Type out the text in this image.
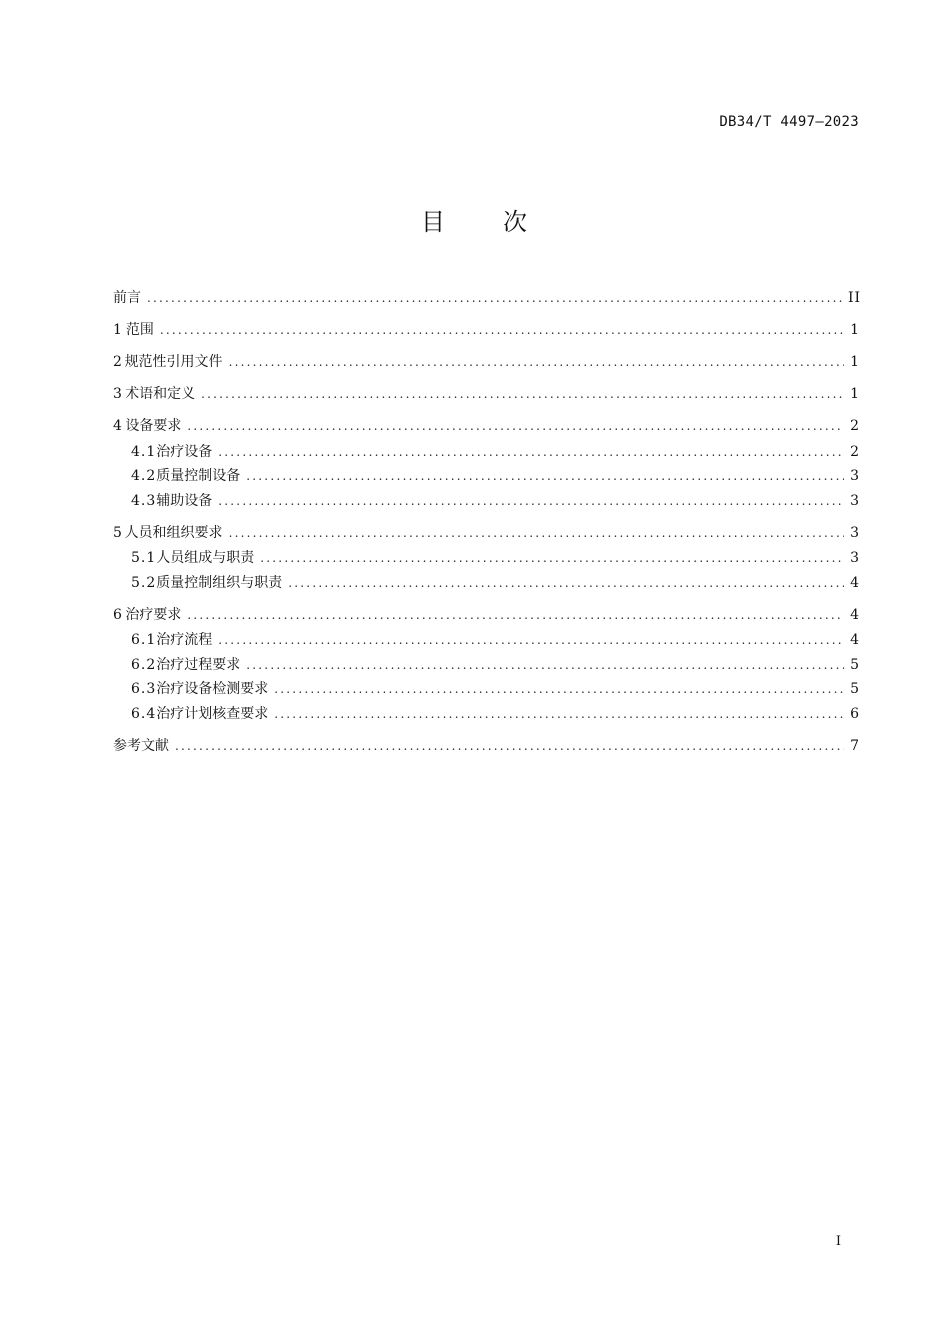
DB34/T 4497—2023
目 次
前言 .....	II
1 范围 .....	1
2 规范性引用文件 .....	1
3 术语和定义 .....	1
4 设备要求 .....	2
4.1 治疗设备 .....	2
4.2 质量控制设备 .....	3
4.3 辅助设备 .....	3
5 人员和组织要求 .....	3
5.1 人员组成与职责 .....	3
5.2 质量控制组织与职责 .....	4
6 治疗要求 .....	4
6.1 治疗流程 .....	4
6.2 治疗过程要求 .....	5
6.3 治疗设备检测要求 .....	5
6.4 治疗计划核查要求 .....	6
参考文献 .....	7
I
